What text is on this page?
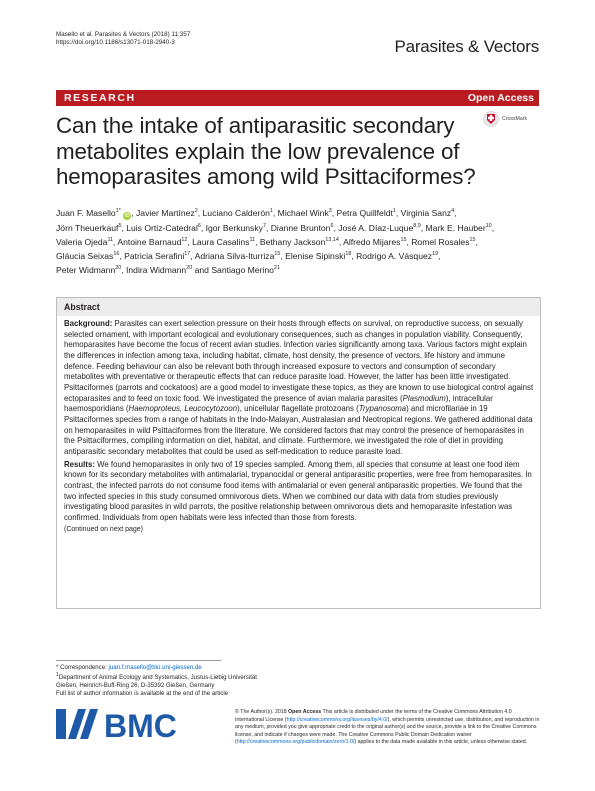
Masello et al. Parasites & Vectors (2018) 11:357
https://doi.org/10.1186/s13071-018-2940-3	Parasites & Vectors
RESEARCH	Open Access
Can the intake of antiparasitic secondary
metabolites explain the low prevalence of
hemoparasites among wild Psittaciformes?
CrossMark
Juan F. Masello$^{1*}$ iD , Javier Martínez$^2$, Luciano Calderón$^1$, Michael Wink$^3$, Petra Quillfeldt$^1$, Virginia Sanz$^4$,
Jörn Theuerkauf$^5$, Luis Ortiz-Catedral$^6$, Igor Berkunsky$^7$, Dianne Brunton$^6$, José A. Díaz-Luque$^{8,9}$, Mark E. Hauber$^{10}$,
Valeria Ojeda$^{11}$, Antoine Barnaud$^{12}$, Laura Casalins$^{11}$, Bethany Jackson$^{13,14}$, Alfredo Mijares$^{15}$, Romel Rosales$^{15}$,
Gláucia Seixas$^{16}$, Patricia Serafini$^{17}$, Adriana Silva-Iturriza$^{15}$, Elenise Sipinski$^{18}$, Rodrigo A. Vásquez$^{19}$,
Peter Widmann$^{20}$, Indira Widmann$^{20}$ and Santiago Merino$^{21}$
Abstract

Background: Parasites can exert selection pressure on their hosts through effects on survival, on reproductive success, on sexually selected ornament, with important ecological and evolutionary consequences, such as changes in population viability. Consequently, hemoparasites have become the focus of recent avian studies. Infection varies significantly among taxa. Various factors might explain the differences in infection among taxa, including habitat, climate, host density, the presence of vectors, life history and immune defence. Feeding behaviour can also be relevant both through increased exposure to vectors and consumption of secondary metabolites with preventative or therapeutic effects that can reduce parasite load. However, the latter has been little investigated. Psittaciformes (parrots and cockatoos) are a good model to investigate these topics, as they are known to use biological control against ectoparasites and to feed on toxic food. We investigated the presence of avian malaria parasites (Plasmodium), intracellular haemosporidians (Haemoproteus, Leucocytozoon), unicellular flagellate protozoans (Trypanosoma) and microfilariae in 19 Psittaciformes species from a range of habitats in the Indo-Malayan, Australasian and Neotropical regions. We gathered additional data on hemoparasites in wild Psittaciformes from the literature. We considered factors that may control the presence of hemoparasites in the Psittaciformes, compiling information on diet, habitat, and climate. Furthermore, we investigated the role of diet in providing antiparasitic secondary metabolites that could be used as self-medication to reduce parasite load.

Results: We found hemoparasites in only two of 19 species sampled. Among them, all species that consume at least one food item known for its secondary metabolites with antimalarial, trypanocidal or general antiparasitic properties, were free from hemoparasites. In contrast, the infected parrots do not consume food items with antimalarial or even general antiparasitic properties. We found that the two infected species in this study consumed omnivorous diets. When we combined our data with data from studies previously investigating blood parasites in wild parrots, the positive relationship between omnivorous diets and hemoparasite infestation was confirmed. Individuals from open habitats were less infected than those from forests.

(Continued on next page)

* Correspondence: juan.f.masello@bio.uni-giessen.de
$^1$Department of Animal Ecology and Systematics, Justus-Liebig Universität
Gießen, Heinrich-Buff-Ring 26, D-35392 Gießen, Germany
Full list of author information is available at the end of the article
BMC	© The Author(s). 2018 Open Access This article is distributed under the terms of the Creative Commons Attribution 4.0 International License (http://creativecommons.org/licenses/by/4.0/), which permits unrestricted use, distribution, and reproduction in any medium, provided you give appropriate credit to the original author(s) and the source, provide a link to the Creative Commons license, and indicate if changes were made. The Creative Commons Public Domain Dedication waiver (http://creativecommons.org/publicdomain/zero/1.0/) applies to the data made available in this article, unless otherwise stated.
